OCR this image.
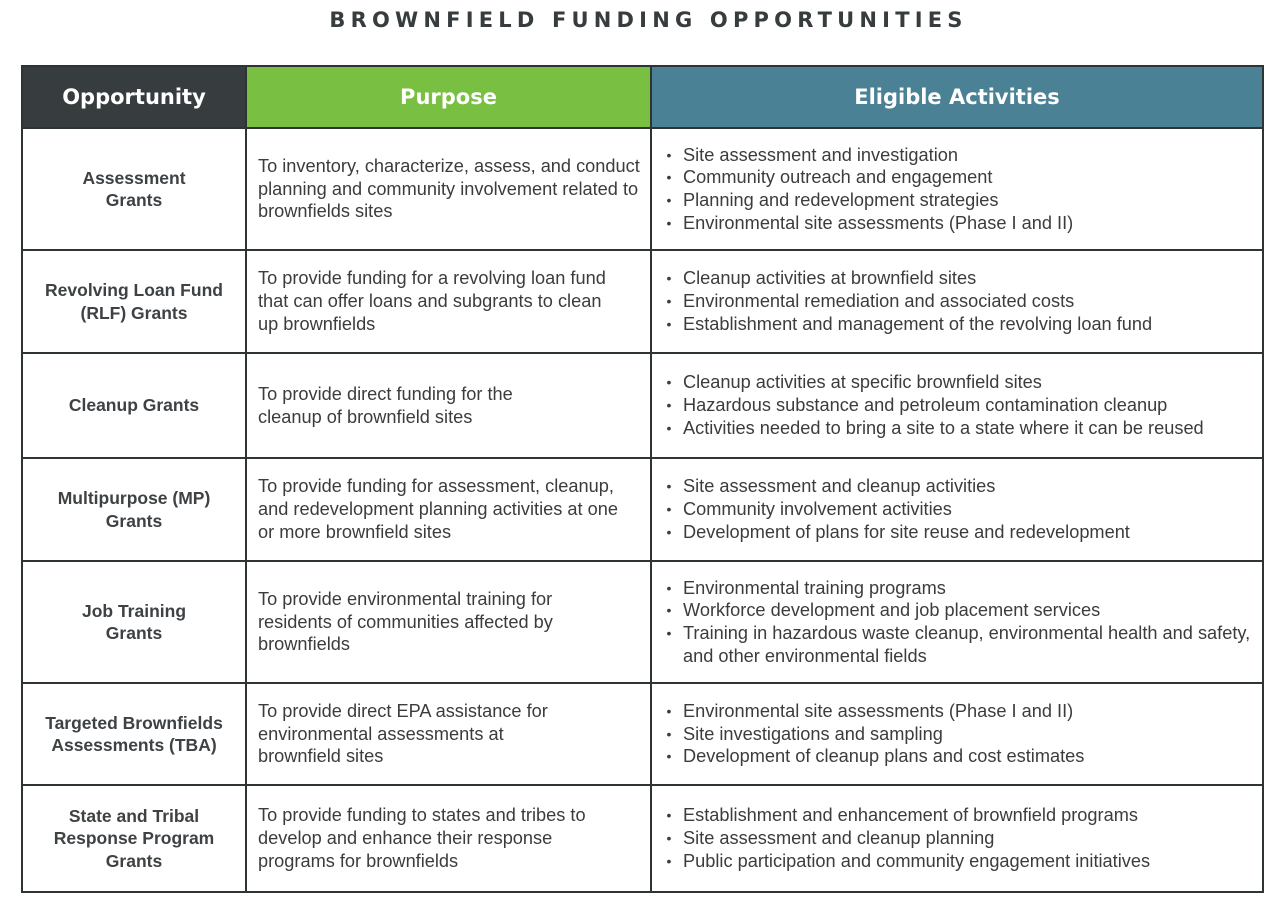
BROWNFIELD FUNDING OPPORTUNITIES
Opportunity	Purpose	Eligible Activities
Assessment Grants	To inventory, characterize, assess, and conduct planning and community involvement related to brownfields sites	
• Site assessment and investigation
• Community outreach and engagement
• Planning and redevelopment strategies
• Environmental site assessments (Phase I and II)

Revolving Loan Fund (RLF) Grants	To provide funding for a revolving loan fund that can offer loans and subgrants to clean up brownfields	
• Cleanup activities at brownfield sites
• Environmental remediation and associated costs
• Establishment and management of the revolving loan fund

Cleanup Grants	To provide direct funding for the cleanup of brownfield sites	
• Cleanup activities at specific brownfield sites
• Hazardous substance and petroleum contamination cleanup
• Activities needed to bring a site to a state where it can be reused

Multipurpose (MP) Grants	To provide funding for assessment, cleanup, and redevelopment planning activities at one or more brownfield sites	
• Site assessment and cleanup activities
• Community involvement activities
• Development of plans for site reuse and redevelopment

Job Training Grants	To provide environmental training for residents of communities affected by brownfields	
• Environmental training programs
• Workforce development and job placement services
• Training in hazardous waste cleanup, environmental health and safety, and other environmental fields

Targeted Brownfields Assessments (TBA)	To provide direct EPA assistance for environmental assessments at brownfield sites	
• Environmental site assessments (Phase I and II)
• Site investigations and sampling
• Development of cleanup plans and cost estimates

State and Tribal Response Program Grants	To provide funding to states and tribes to develop and enhance their response programs for brownfields	
• Establishment and enhancement of brownfield programs
• Site assessment and cleanup planning
• Public participation and community engagement initiatives
